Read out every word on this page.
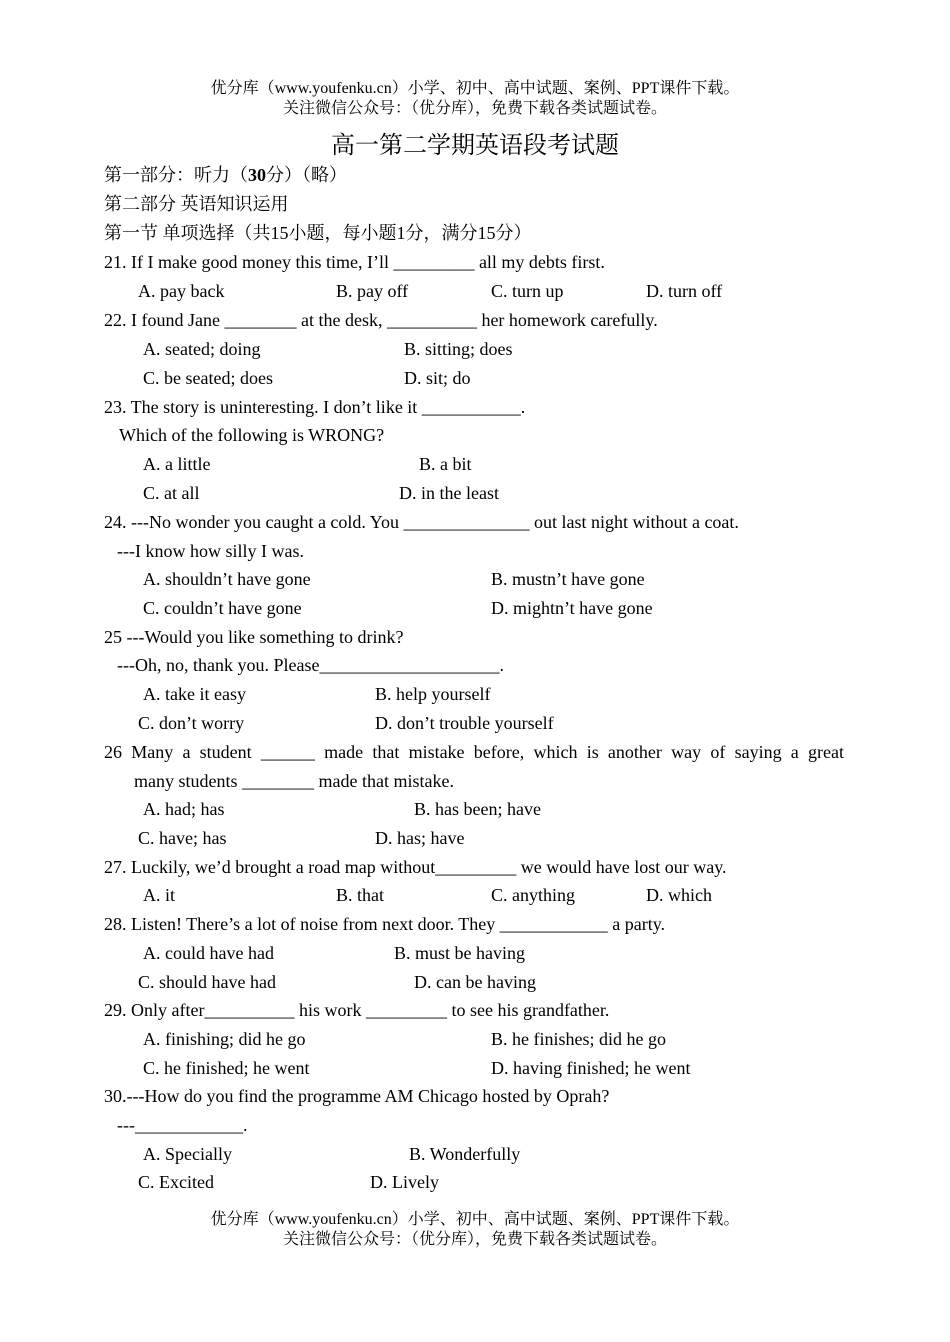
优分库（www.youfenku.cn）小学、初中、高中试题、案例、PPT课件下载。
关注微信公众号：（优分库），免费下载各类试题试卷。
高一第二学期英语段考试题
第一部分：听力（30分）（略）
第二部分 英语知识运用
第一节 单项选择（共15小题，每小题1分，满分15分）
21. If I make good money this time, I’ll _________ all my debts first.
A. pay back	B. pay off	C. turn up	D. turn off
22. I found Jane ________ at the desk, __________ her homework carefully.
A. seated; doing	B. sitting; does
C. be seated; does	D. sit; do
23. The story is uninteresting. I don’t like it ___________.
Which of the following is WRONG?
A. a little	B. a bit
C. at all	D. in the least
24. ---No wonder you caught a cold. You ______________ out last night without a coat.
---I know how silly I was.
A. shouldn’t have gone	B. mustn’t have gone
C. couldn’t have gone	D. mightn’t have gone
25 ---Would you like something to drink?
---Oh, no, thank you. Please____________________.
A. take it easy	B. help yourself
C. don’t worry	D. don’t trouble yourself
26 Many a student ______ made that mistake before, which is another way of saying a great
many students ________ made that mistake.
A. had; has	B. has been; have
C. have; has	D. has; have
27. Luckily, we’d brought a road map without_________ we would have lost our way.
A. it	B. that	C. anything	D. which
28. Listen! There’s a lot of noise from next door. They ____________ a party.
A. could have had	B. must be having
C. should have had	D. can be having
29. Only after__________ his work _________ to see his grandfather.
A. finishing; did he go	B. he finishes; did he go
C. he finished; he went	D. having finished; he went
30.---How do you find the programme AM Chicago hosted by Oprah?
---____________.
A. Specially	B. Wonderfully
C. Excited	D. Lively
优分库（www.youfenku.cn）小学、初中、高中试题、案例、PPT课件下载。
关注微信公众号：（优分库），免费下载各类试题试卷。
